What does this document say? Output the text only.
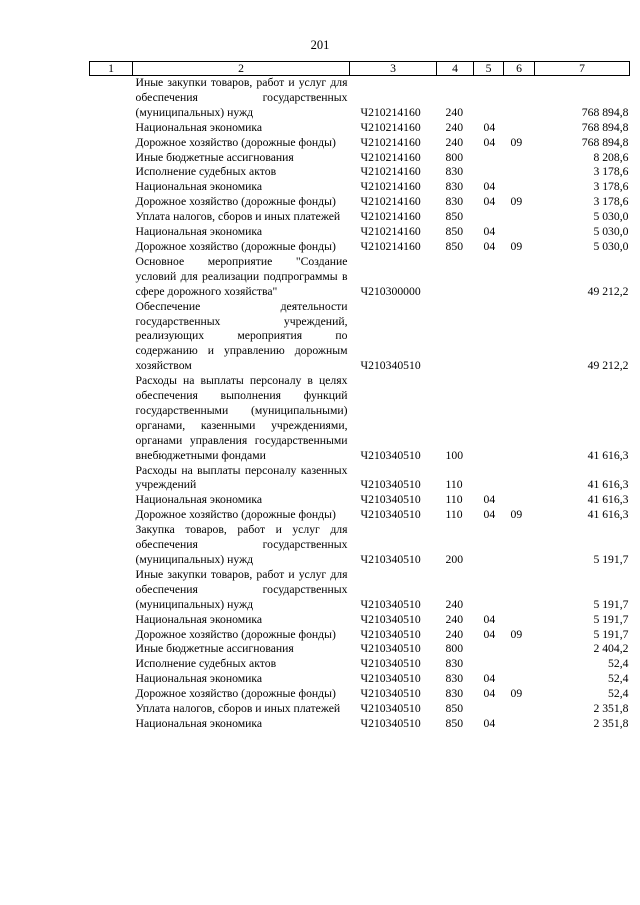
201
1	2	3	4	5	6	7
	Иные закупки товаров, работ и услуг для обеспечения государственных (муниципальных) нужд	Ч210214160	240			768 894,8
	Национальная экономика	Ч210214160	240	04		768 894,8
	Дорожное хозяйство (дорожные фонды)	Ч210214160	240	04	09	768 894,8
	Иные бюджетные ассигнования	Ч210214160	800			8 208,6
	Исполнение судебных актов	Ч210214160	830			3 178,6
	Национальная экономика	Ч210214160	830	04		3 178,6
	Дорожное хозяйство (дорожные фонды)	Ч210214160	830	04	09	3 178,6
	Уплата налогов, сборов и иных платежей	Ч210214160	850			5 030,0
	Национальная экономика	Ч210214160	850	04		5 030,0
	Дорожное хозяйство (дорожные фонды)	Ч210214160	850	04	09	5 030,0
	Основное мероприятие "Создание условий для реализации подпрограммы в сфере дорожного хозяйства"	Ч210300000				49 212,2
	Обеспечение деятельности государственных учреждений, реализующих мероприятия по содержанию и управлению дорожным хозяйством	Ч210340510				49 212,2
	Расходы на выплаты персоналу в целях обеспечения выполнения функций государственными (муниципальными) органами, казенными учреждениями, органами управления государственными внебюджетными фондами	Ч210340510	100			41 616,3
	Расходы на выплаты персоналу казенных учреждений	Ч210340510	110			41 616,3
	Национальная экономика	Ч210340510	110	04		41 616,3
	Дорожное хозяйство (дорожные фонды)	Ч210340510	110	04	09	41 616,3
	Закупка товаров, работ и услуг для обеспечения государственных (муниципальных) нужд	Ч210340510	200			5 191,7
	Иные закупки товаров, работ и услуг для обеспечения государственных (муниципальных) нужд	Ч210340510	240			5 191,7
	Национальная экономика	Ч210340510	240	04		5 191,7
	Дорожное хозяйство (дорожные фонды)	Ч210340510	240	04	09	5 191,7
	Иные бюджетные ассигнования	Ч210340510	800			2 404,2
	Исполнение судебных актов	Ч210340510	830			52,4
	Национальная экономика	Ч210340510	830	04		52,4
	Дорожное хозяйство (дорожные фонды)	Ч210340510	830	04	09	52,4
	Уплата налогов, сборов и иных платежей	Ч210340510	850			2 351,8
	Национальная экономика	Ч210340510	850	04		2 351,8
